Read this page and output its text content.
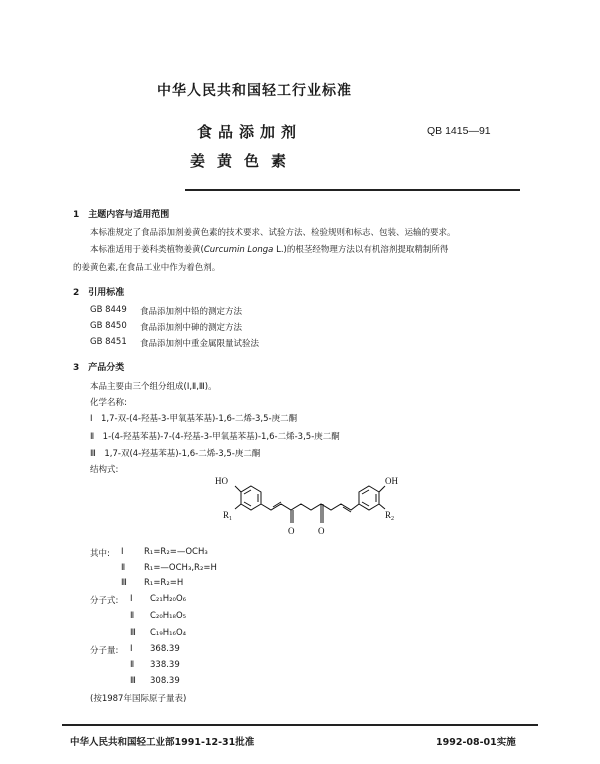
中华人民共和国轻工行业标准
食品添加剂
姜黄色素
QB 1415—91
1　主题内容与适用范围
本标准规定了食品添加剂姜黄色素的技术要求、试验方法、检验规则和标志、包装、运输的要求。
本标准适用于姜科类植物姜黄(Curcumin Longa L.)的根茎经物理方法以有机溶剂提取精制所得
的姜黄色素,在食品工业中作为着色剂。
2　引用标准
GB 8449 食品添加剂中铅的测定方法
GB 8450 食品添加剂中砷的测定方法
GB 8451 食品添加剂中重金属限量试验法
3　产品分类
本品主要由三个组分组成(Ⅰ,Ⅱ,Ⅲ)。
化学名称:
Ⅰ　1,7-双-(4-羟基-3-甲氧基苯基)-1,6-二烯-3,5-庚二酮
Ⅱ　1-(4-羟基苯基)-7-(4-羟基-3-甲氧基苯基)-1,6-二烯-3,5-庚二酮
Ⅲ　1,7-双(4-羟基苯基)-1,6-二烯-3,5-庚二酮
结构式:
HO	OH
$R_1$	$R_2$
O	O
其中: Ⅰ R₁=R₂=—OCH₃
Ⅱ R₁=—OCH₃,R₂=H
Ⅲ R₁=R₂=H
分子式: Ⅰ C₂₁H₂₀O₆
Ⅱ C₂₀H₁₈O₅
Ⅲ C₁₉H₁₆O₄
分子量: Ⅰ 368.39
Ⅱ 338.39
Ⅲ 308.39
(按1987年国际原子量表)
中华人民共和国轻工业部1991-12-31批准	1992-08-01实施
